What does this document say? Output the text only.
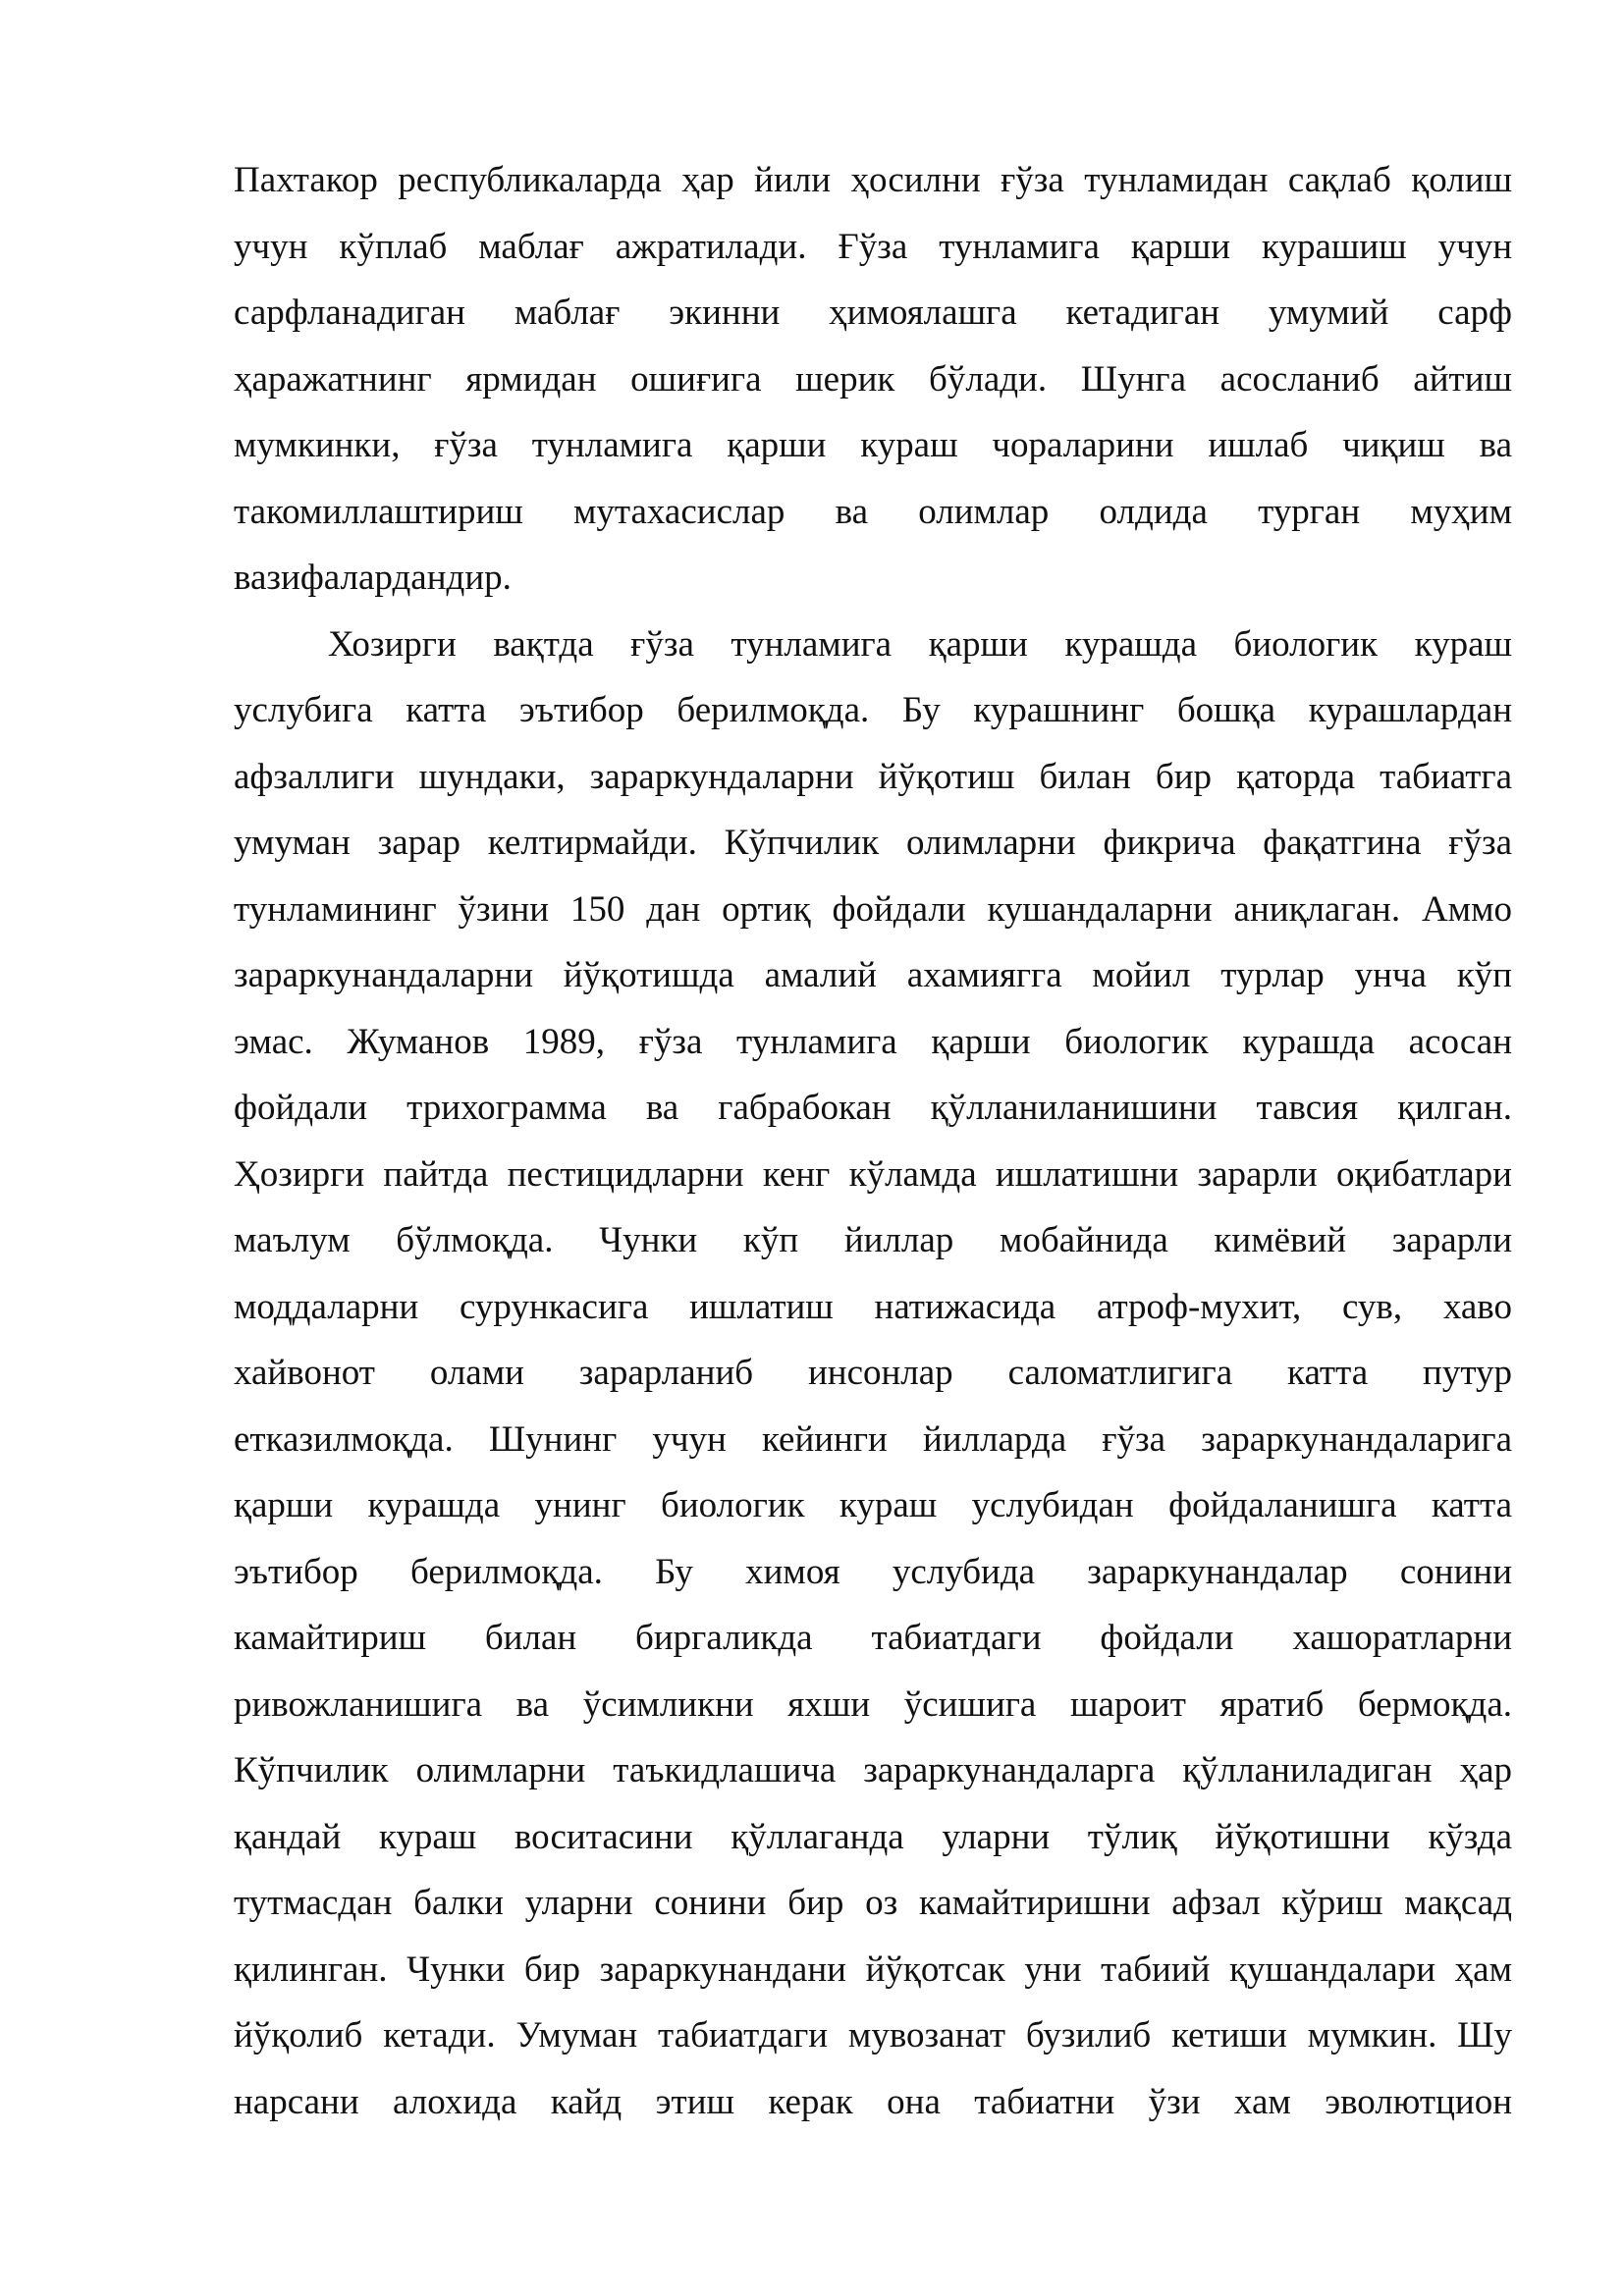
Пахтакор республикаларда ҳар йили ҳосилни ғўза тунламидан сақлаб қолиш
учун кўплаб маблағ ажратилади. Ғўза тунламига қарши курашиш учун
сарфланадиган маблағ экинни ҳимоялашга кетадиган умумий сарф
ҳаражатнинг ярмидан ошиғига шерик бўлади. Шунга асосланиб айтиш
мумкинки, ғўза тунламига қарши кураш чораларини ишлаб чиқиш ва
такомиллаштириш мутахасислар ва олимлар олдида турган муҳим
вазифалардандир.
Хозирги вақтда ғўза тунламига қарши курашда биологик кураш
услубига катта эътибор берилмоқда. Бу курашнинг бошқа курашлардан
афзаллиги шундаки, зараркундаларни йўқотиш билан бир қаторда табиатга
умуман зарар келтирмайди. Кўпчилик олимларни фикрича фақатгина ғўза
тунламининг ўзини 150 дан ортиқ фойдали кушандаларни аниқлаган. Аммо
зараркунандаларни йўқотишда амалий ахамиягга мойил турлар унча кўп
эмас. Жуманов 1989, ғўза тунламига қарши биологик курашда асосан
фойдали трихограмма ва габрабокан қўлланиланишини тавсия қилган.
Ҳозирги пайтда пестицидларни кенг кўламда ишлатишни зарарли оқибатлари
маълум бўлмоқда. Чунки кўп йиллар мобайнида кимёвий зарарли
моддаларни сурункасига ишлатиш натижасида атроф-мухит, сув, хаво
хайвонот олами зарарланиб инсонлар саломатлигига катта путур
етказилмоқда. Шунинг учун кейинги йилларда ғўза зараркунандаларига
қарши курашда унинг биологик кураш услубидан фойдаланишга катта
эътибор берилмоқда. Бу химоя услубида зараркунандалар сонини
камайтириш билан биргаликда табиатдаги фойдали хашоратларни
ривожланишига ва ўсимликни яхши ўсишига шароит яратиб бермоқда.
Кўпчилик олимларни таъкидлашича зараркунандаларга қўлланиладиган ҳар
қандай кураш воситасини қўллаганда уларни тўлиқ йўқотишни кўзда
тутмасдан балки уларни сонини бир оз камайтиришни афзал кўриш мақсад
қилинган. Чунки бир зараркунандани йўқотсак уни табиий қушандалари ҳам
йўқолиб кетади. Умуман табиатдаги мувозанат бузилиб кетиши мумкин. Шу
нарсани алохида кайд этиш керак она табиатни ўзи хам эволютцион
